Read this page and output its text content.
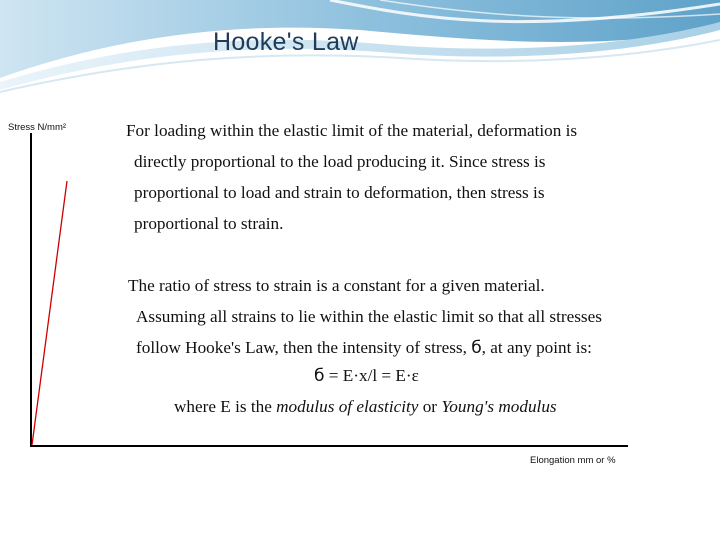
Hooke's Law
Stress N/mm²
Elongation mm or %
For loading within the elastic limit of the material, deformation is
directly proportional to the load producing it. Since stress is
proportional to load and strain to deformation, then stress is
proportional to strain.
The ratio of stress to strain is a constant for a given material.
Assuming all strains to lie within the elastic limit so that all stresses
follow Hooke's Law, then the intensity of stress, б, at any point is:
б = E·x/l = E·ε
where E is the modulus of elasticity or Young's modulus
